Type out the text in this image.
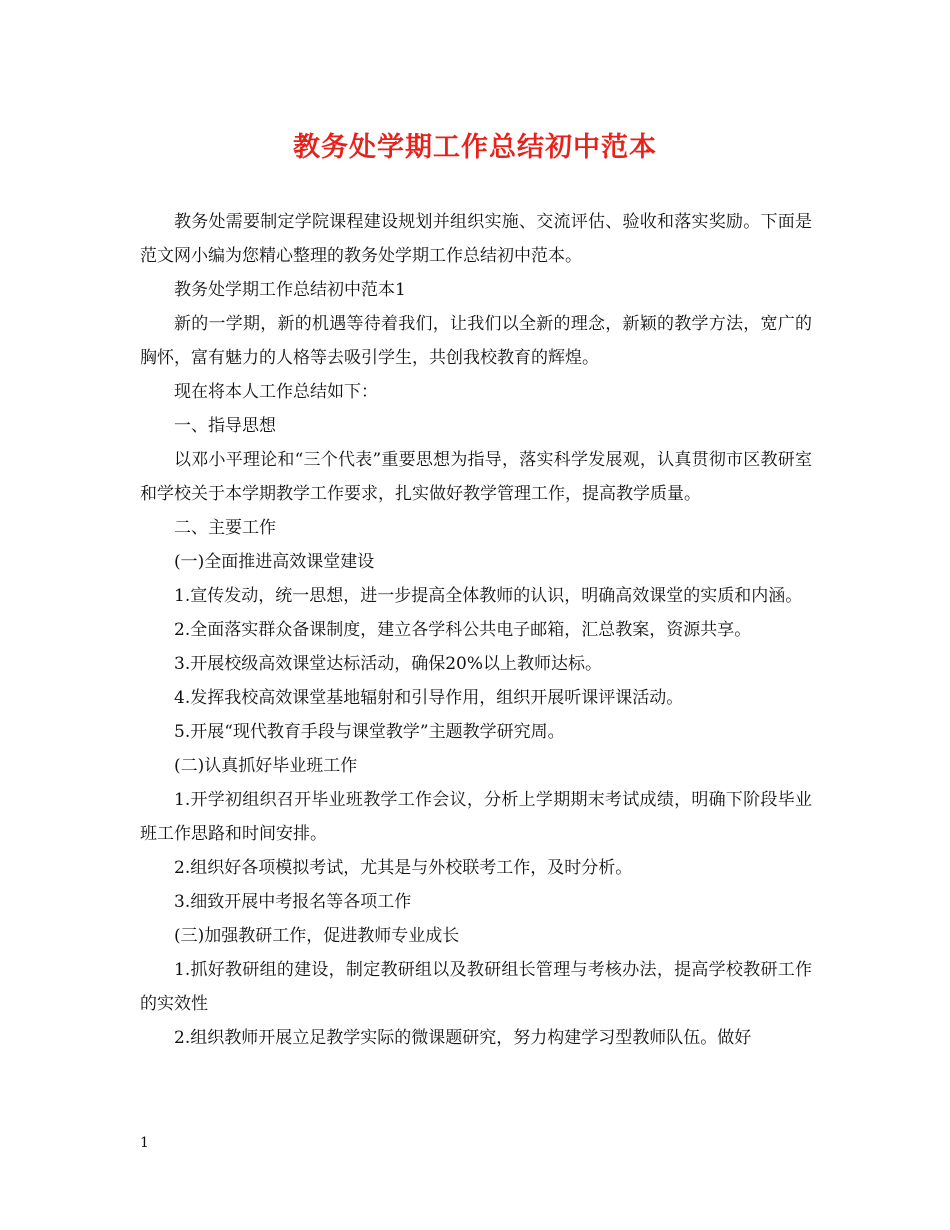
教务处学期工作总结初中范本

教务处需要制定学院课程建设规划并组织实施、交流评估、验收和落实奖励。下面是范文网小编为您精心整理的教务处学期工作总结初中范本。

教务处学期工作总结初中范本1

新的一学期，新的机遇等待着我们，让我们以全新的理念，新颖的教学方法，宽广的胸怀，富有魅力的人格等去吸引学生，共创我校教育的辉煌。

现在将本人工作总结如下：

一、指导思想

以邓小平理论和“三个代表”重要思想为指导，落实科学发展观，认真贯彻市区教研室和学校关于本学期教学工作要求，扎实做好教学管理工作，提高教学质量。

二、主要工作

(一)全面推进高效课堂建设

1.宣传发动，统一思想，进一步提高全体教师的认识，明确高效课堂的实质和内涵。

2.全面落实群众备课制度，建立各学科公共电子邮箱，汇总教案，资源共享。

3.开展校级高效课堂达标活动，确保20%以上教师达标。

4.发挥我校高效课堂基地辐射和引导作用，组织开展听课评课活动。

5.开展“现代教育手段与课堂教学”主题教学研究周。

(二)认真抓好毕业班工作

1.开学初组织召开毕业班教学工作会议，分析上学期期末考试成绩，明确下阶段毕业班工作思路和时间安排。

2.组织好各项模拟考试，尤其是与外校联考工作，及时分析。

3.细致开展中考报名等各项工作

(三)加强教研工作，促进教师专业成长

1.抓好教研组的建设，制定教研组以及教研组长管理与考核办法，提高学校教研工作的实效性

2.组织教师开展立足教学实际的微课题研究，努力构建学习型教师队伍。做好

1
